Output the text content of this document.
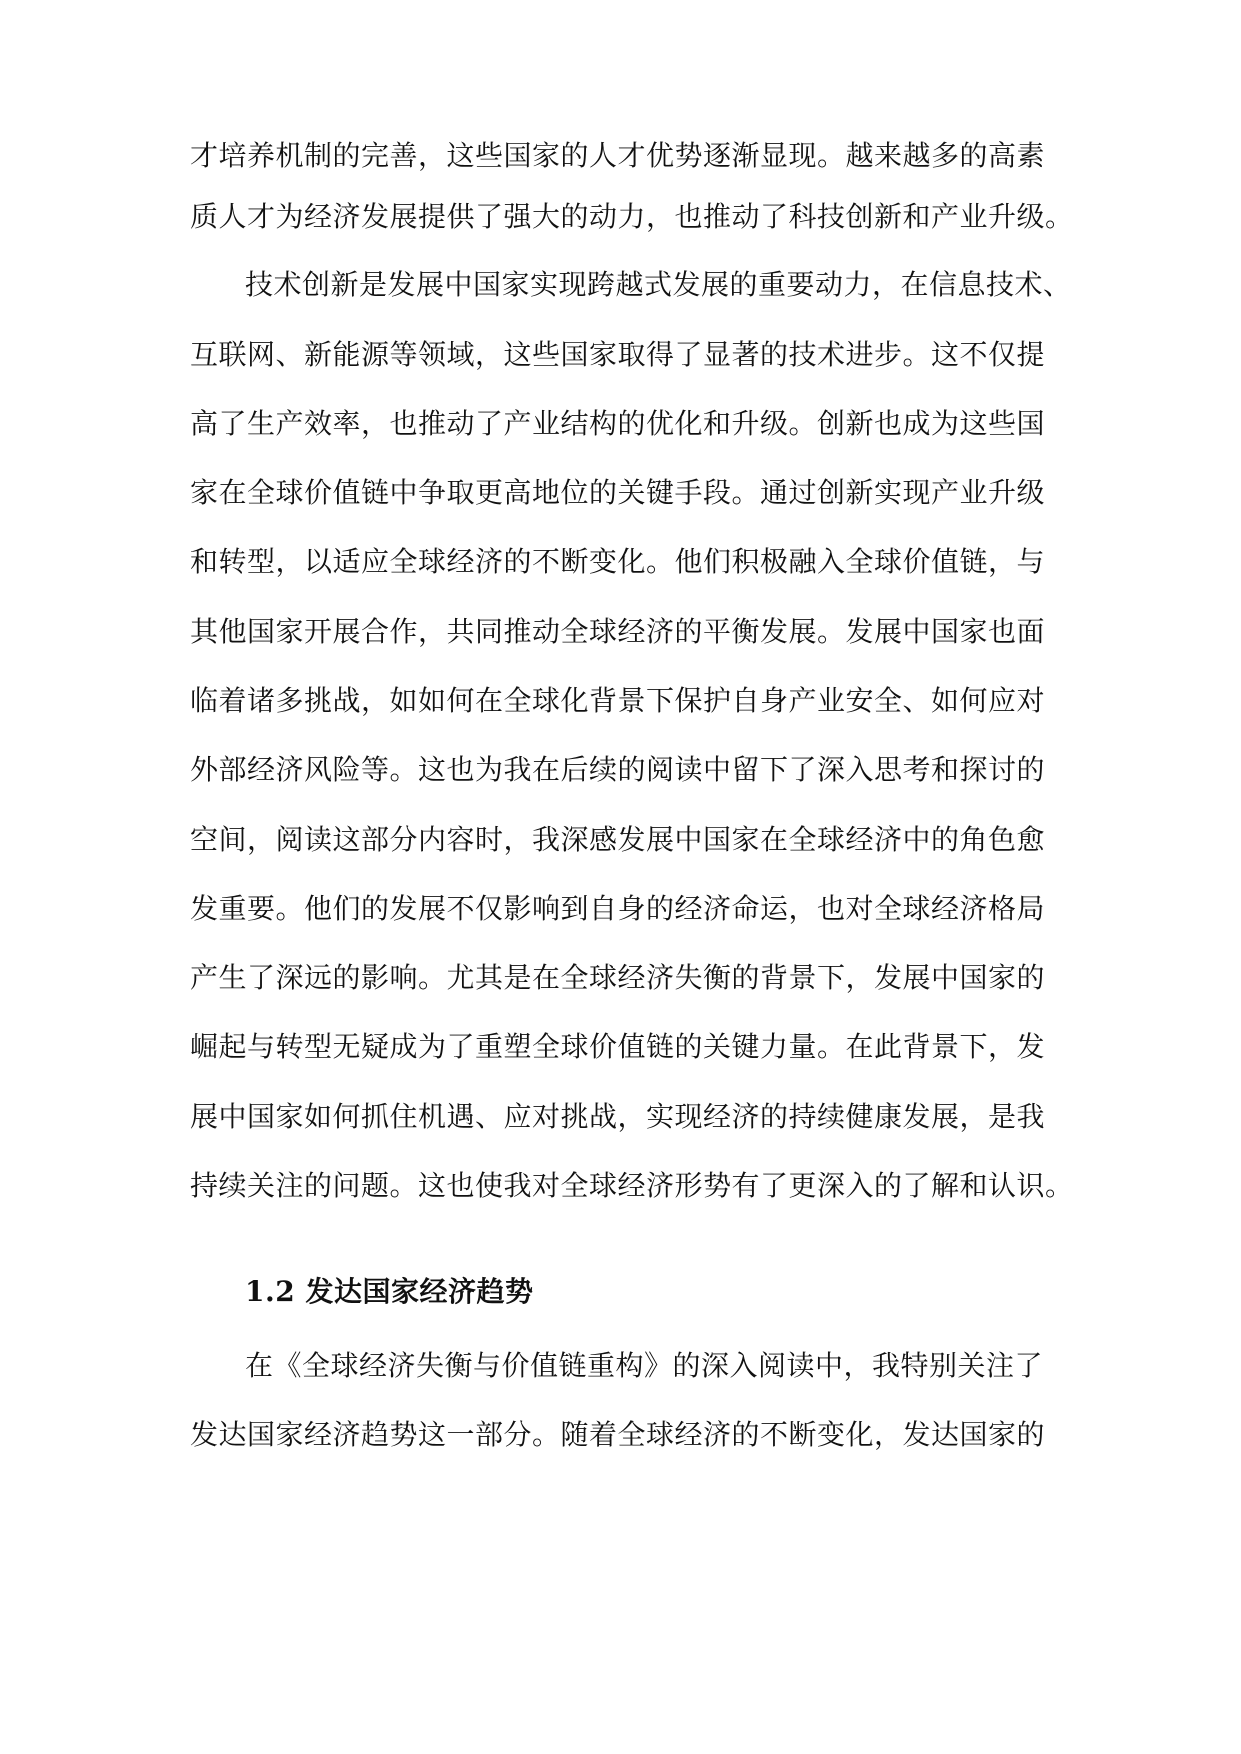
才培养机制的完善，这些国家的人才优势逐渐显现。越来越多的高素
质人才为经济发展提供了强大的动力，也推动了科技创新和产业升级。
技术创新是发展中国家实现跨越式发展的重要动力，在信息技术、
互联网、新能源等领域，这些国家取得了显著的技术进步。这不仅提
高了生产效率，也推动了产业结构的优化和升级。创新也成为这些国
家在全球价值链中争取更高地位的关键手段。通过创新实现产业升级
和转型，以适应全球经济的不断变化。他们积极融入全球价值链，与
其他国家开展合作，共同推动全球经济的平衡发展。发展中国家也面
临着诸多挑战，如如何在全球化背景下保护自身产业安全、如何应对
外部经济风险等。这也为我在后续的阅读中留下了深入思考和探讨的
空间，阅读这部分内容时，我深感发展中国家在全球经济中的角色愈
发重要。他们的发展不仅影响到自身的经济命运，也对全球经济格局
产生了深远的影响。尤其是在全球经济失衡的背景下，发展中国家的
崛起与转型无疑成为了重塑全球价值链的关键力量。在此背景下，发
展中国家如何抓住机遇、应对挑战，实现经济的持续健康发展，是我
持续关注的问题。这也使我对全球经济形势有了更深入的了解和认识。
1.2 发达国家经济趋势
在《全球经济失衡与价值链重构》的深入阅读中，我特别关注了
发达国家经济趋势这一部分。随着全球经济的不断变化，发达国家的
